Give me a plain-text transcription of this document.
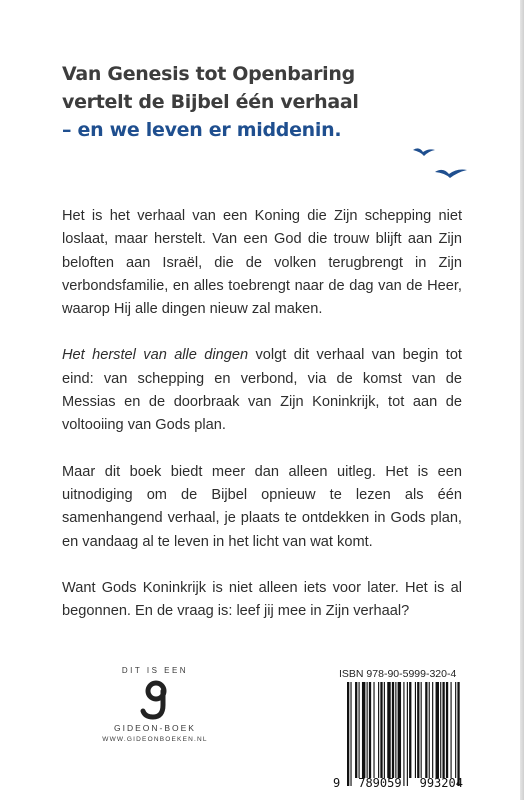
Van Genesis tot Openbaring
vertelt de Bijbel één verhaal
– en we leven er middenin.

Het is het verhaal van een Koning die Zijn schepping niet loslaat, maar herstelt. Van een God die trouw blijft aan Zijn beloften aan Israël, die de volken terugbrengt in Zijn verbondsfamilie, en alles toebrengt naar de dag van de Heer, waarop Hij alle dingen nieuw zal maken.

Het herstel van alle dingen volgt dit verhaal van begin tot eind: van schepping en verbond, via de komst van de Messias en de doorbraak van Zijn Koninkrijk, tot aan de voltooiing van Gods plan.

Maar dit boek biedt meer dan alleen uitleg. Het is een uitnodiging om de Bijbel opnieuw te lezen als één samenhangend verhaal, je plaats te ontdekken in Gods plan, en vandaag al te leven in het licht van wat komt.

Want Gods Koninkrijk is niet alleen iets voor later. Het is al begonnen. En de vraag is: leef jij mee in Zijn verhaal?

DIT IS EEN
GIDEON-BOEK
WWW.GIDEONBOEKEN.NL
ISBN 978-90-5999-320-4
9 789059 993204
